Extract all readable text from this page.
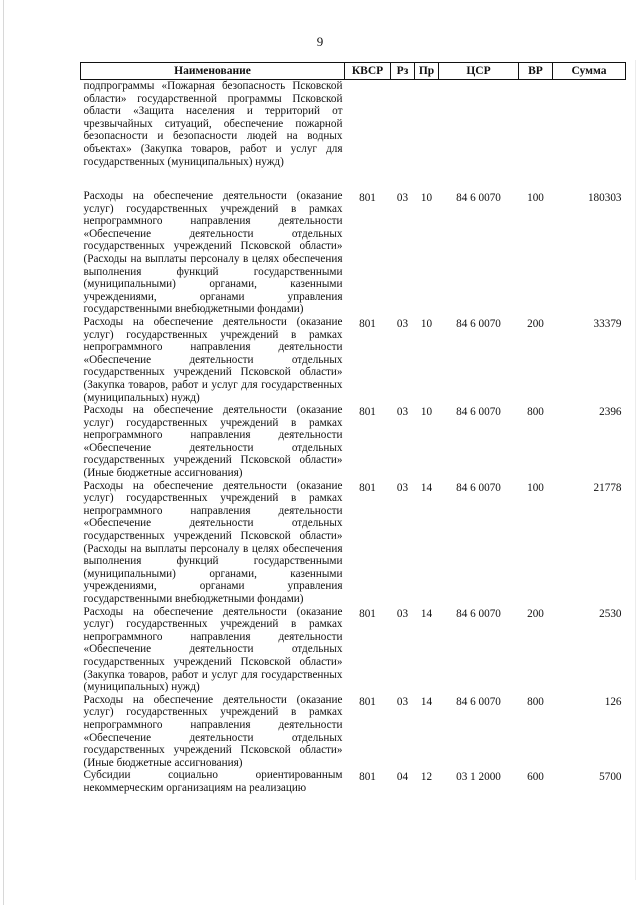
9
Наименование	КВСР	Рз	Пр	ЦСР	ВР	Сумма
подпрограммы «Пожарная безопасность Псковской области» государственной программы Псковской области «Защита населения и территорий от чрезвычайных ситуаций, обеспечение пожарной безопасности и безопасности людей на водных объектах» (Закупка товаров, работ и услуг для государственных (муниципальных) нужд)						
Расходы на обеспечение деятельности (оказание услуг) государственных учреждений в рамках непрограммного направления деятельности «Обеспечение деятельности отдельных государственных учреждений Псковской области» (Расходы на выплаты персоналу в целях обеспечения выполнения функций государственными (муниципальными) органами, казенными учреждениями, органами управления государственными внебюджетными фондами)	801	03	10	84 6 0070	100	180303
Расходы на обеспечение деятельности (оказание услуг) государственных учреждений в рамках непрограммного направления деятельности «Обеспечение деятельности отдельных государственных учреждений Псковской области» (Закупка товаров, работ и услуг для государственных (муниципальных) нужд)	801	03	10	84 6 0070	200	33379
Расходы на обеспечение деятельности (оказание услуг) государственных учреждений в рамках непрограммного направления деятельности «Обеспечение деятельности отдельных государственных учреждений Псковской области» (Иные бюджетные ассигнования)	801	03	10	84 6 0070	800	2396
Расходы на обеспечение деятельности (оказание услуг) государственных учреждений в рамках непрограммного направления деятельности «Обеспечение деятельности отдельных государственных учреждений Псковской области» (Расходы на выплаты персоналу в целях обеспечения выполнения функций государственными (муниципальными) органами, казенными учреждениями, органами управления государственными внебюджетными фондами)	801	03	14	84 6 0070	100	21778
Расходы на обеспечение деятельности (оказание услуг) государственных учреждений в рамках непрограммного направления деятельности «Обеспечение деятельности отдельных государственных учреждений Псковской области» (Закупка товаров, работ и услуг для государственных (муниципальных) нужд)	801	03	14	84 6 0070	200	2530
Расходы на обеспечение деятельности (оказание услуг) государственных учреждений в рамках непрограммного направления деятельности «Обеспечение деятельности отдельных государственных учреждений Псковской области» (Иные бюджетные ассигнования)	801	03	14	84 6 0070	800	126
Субсидии социально ориентированным некоммерческим организациям на реализацию	801	04	12	03 1 2000	600	5700
